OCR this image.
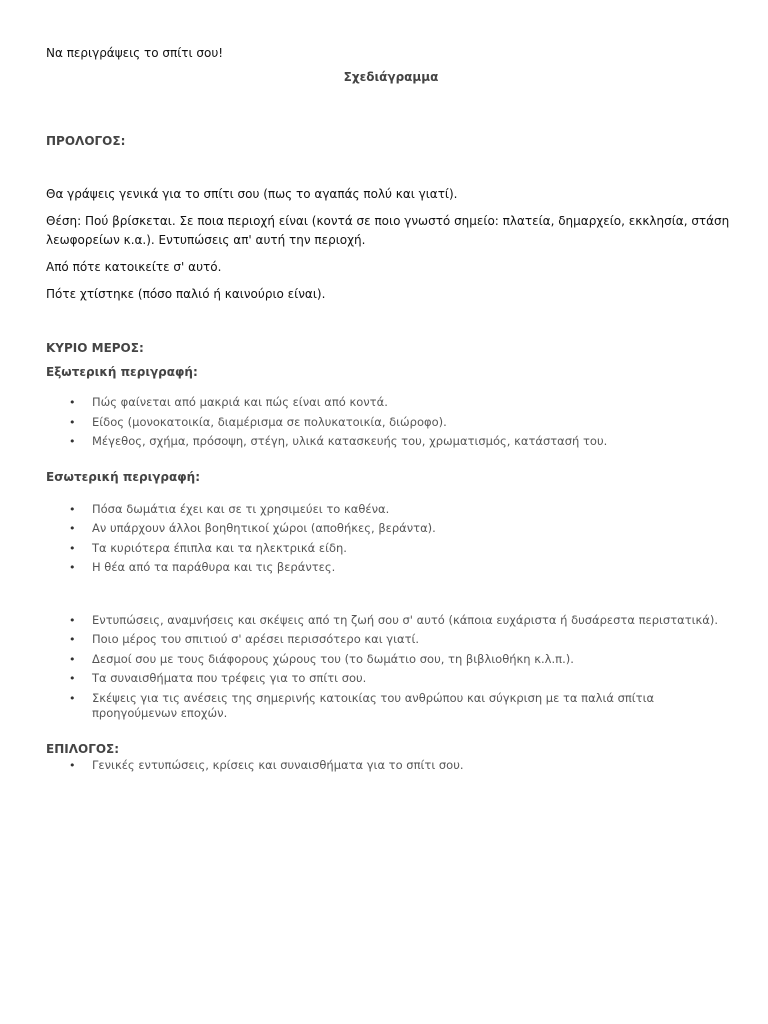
Να περιγράψεις το σπίτι σου!

Σχεδιάγραμμα

ΠΡΟΛΟΓΟΣ:

Θα γράψεις γενικά για το σπίτι σου (πως το αγαπάς πολύ και γιατί).

Θέση: Πού βρίσκεται. Σε ποια περιοχή είναι (κοντά σε ποιο γνωστό σημείο: πλατεία, δημαρχείο, εκκλησία, στάση λεωφορείων κ.α.). Εντυπώσεις απ' αυτή την περιοχή.

Από πότε κατοικείτε σ' αυτό.

Πότε χτίστηκε (πόσο παλιό ή καινούριο είναι).

ΚΥΡΙΟ ΜΕΡΟΣ:

Εξωτερική περιγραφή:

• Πώς φαίνεται από μακριά και πώς είναι από κοντά.
• Είδος (μονοκατοικία, διαμέρισμα σε πολυκατοικία, διώροφο).
• Μέγεθος, σχήμα, πρόσοψη, στέγη, υλικά κατασκευής του, χρωματισμός, κατάστασή του.

Εσωτερική περιγραφή:

• Πόσα δωμάτια έχει και σε τι χρησιμεύει το καθένα.
• Αν υπάρχουν άλλοι βοηθητικοί χώροι (αποθήκες, βεράντα).
• Τα κυριότερα έπιπλα και τα ηλεκτρικά είδη.
• Η θέα από τα παράθυρα και τις βεράντες.
• Εντυπώσεις, αναμνήσεις και σκέψεις από τη ζωή σου σ' αυτό (κάποια ευχάριστα ή δυσάρεστα περιστατικά).
• Ποιο μέρος του σπιτιού σ' αρέσει περισσότερο και γιατί.
• Δεσμοί σου με τους διάφορους χώρους του (το δωμάτιο σου, τη βιβλιοθήκη κ.λ.π.).
• Τα συναισθήματα που τρέφεις για το σπίτι σου.
• Σκέψεις για τις ανέσεις της σημερινής κατοικίας του ανθρώπου και σύγκριση με τα παλιά σπίτια προηγούμενων εποχών.

ΕΠΙΛΟΓΟΣ:

• Γενικές εντυπώσεις, κρίσεις και συναισθήματα για το σπίτι σου.
